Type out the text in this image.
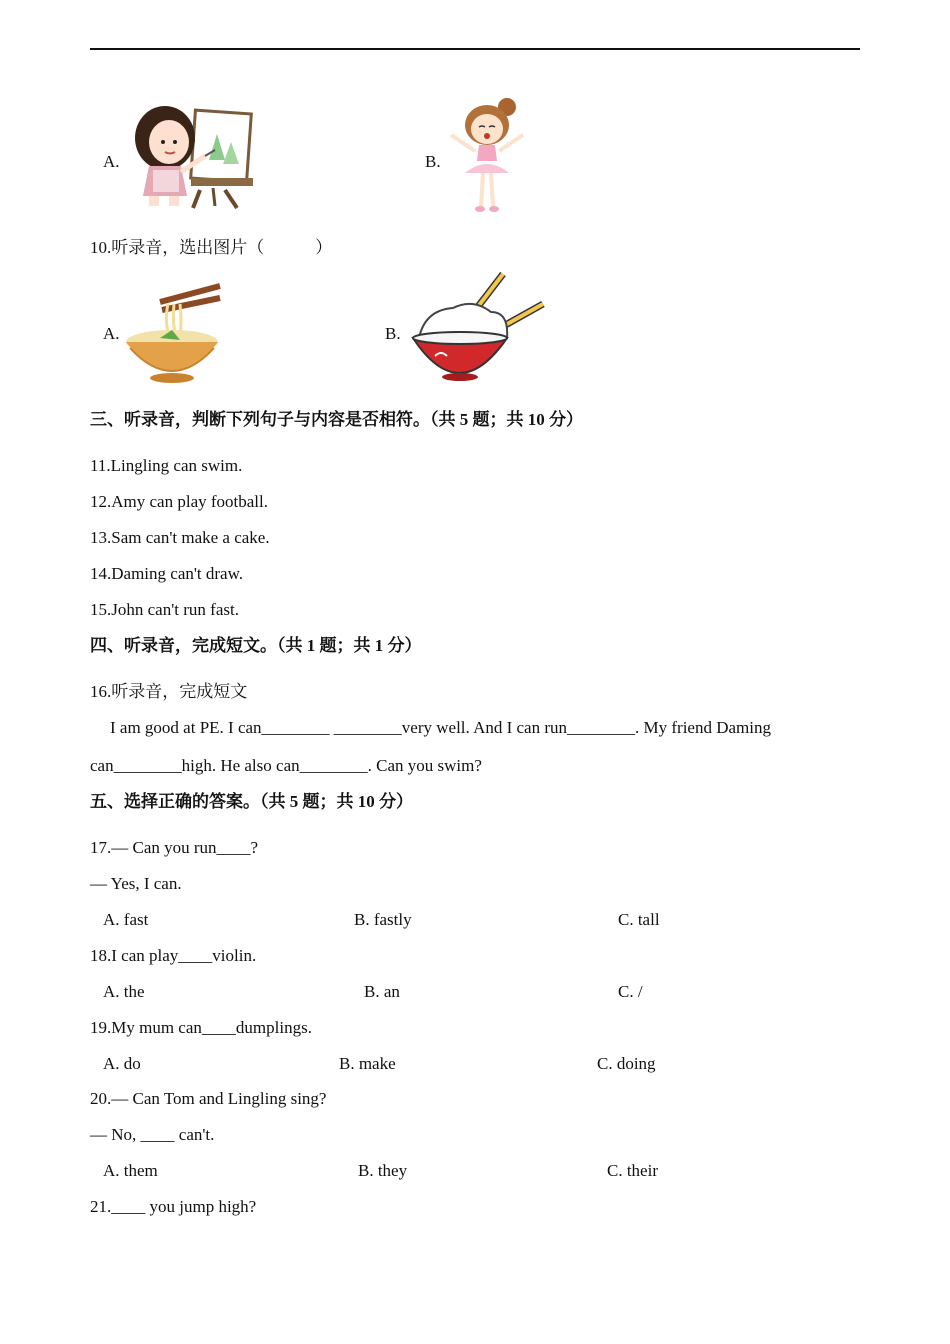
A.	B.
10.听录音，选出图片（　　　）
A.	B.
三、听录音，判断下列句子与内容是否相符。（共 5 题；共 10 分）
11.Lingling can swim.
12.Amy can play football.
13.Sam can't make a cake.
14.Daming can't draw.
15.John can't run fast.
四、听录音，完成短文。（共 1 题；共 1 分）
16.听录音，完成短文
I am good at PE. I can________ ________very well. And I can run________. My friend Daming
can________high. He also can________. Can you swim?
五、选择正确的答案。（共 5 题；共 10 分）
17.— Can you run____?
— Yes, I can.
A. fast	B. fastly	C. tall
18.I can play____violin.
A. the	B. an	C. /
19.My mum can____dumplings.
A. do	B. make	C. doing
20.— Can Tom and Lingling sing?
— No, ____ can't.
A. them	B. they	C. their
21.____ you jump high?
